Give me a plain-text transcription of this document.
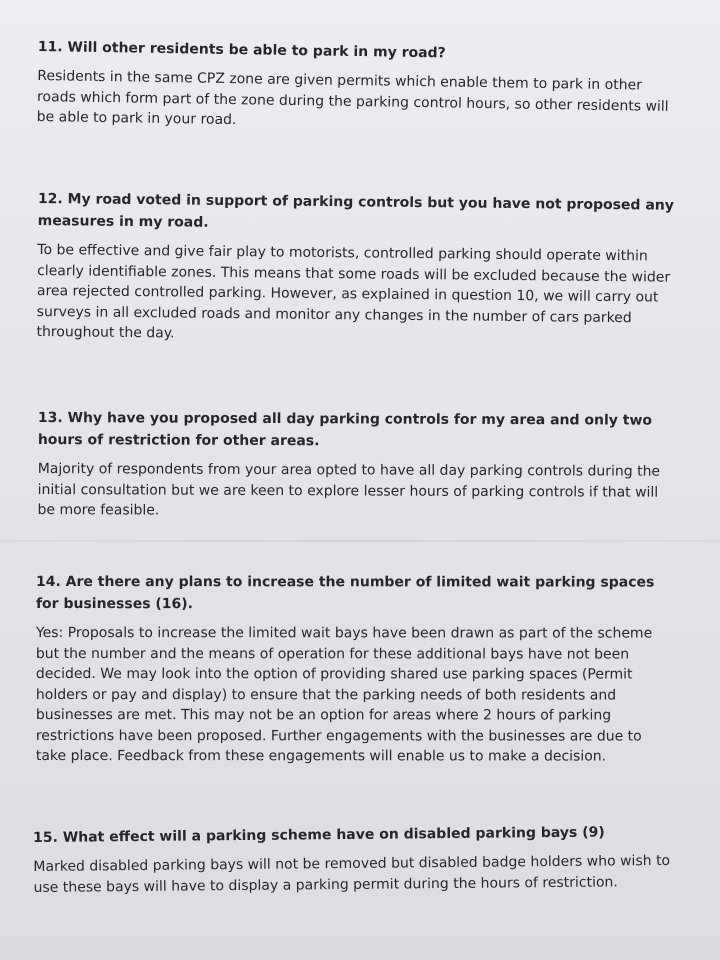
11. Will other residents be able to park in my road?

Residents in the same CPZ zone are given permits which enable them to park in other roads which form part of the zone during the parking control hours, so other residents will be able to park in your road.

12. My road voted in support of parking controls but you have not proposed any measures in my road.

To be effective and give fair play to motorists, controlled parking should operate within clearly identifiable zones. This means that some roads will be excluded because the wider area rejected controlled parking. However, as explained in question 10, we will carry out surveys in all excluded roads and monitor any changes in the number of cars parked throughout the day.

13. Why have you proposed all day parking controls for my area and only two hours of restriction for other areas.

Majority of respondents from your area opted to have all day parking controls during the initial consultation but we are keen to explore lesser hours of parking controls if that will be more feasible.

14. Are there any plans to increase the number of limited wait parking spaces for businesses (16).

Yes: Proposals to increase the limited wait bays have been drawn as part of the scheme but the number and the means of operation for these additional bays have not been decided. We may look into the option of providing shared use parking spaces (Permit holders or pay and display) to ensure that the parking needs of both residents and businesses are met. This may not be an option for areas where 2 hours of parking restrictions have been proposed. Further engagements with the businesses are due to take place. Feedback from these engagements will enable us to make a decision.

15. What effect will a parking scheme have on disabled parking bays (9)

Marked disabled parking bays will not be removed but disabled badge holders who wish to use these bays will have to display a parking permit during the hours of restriction.
